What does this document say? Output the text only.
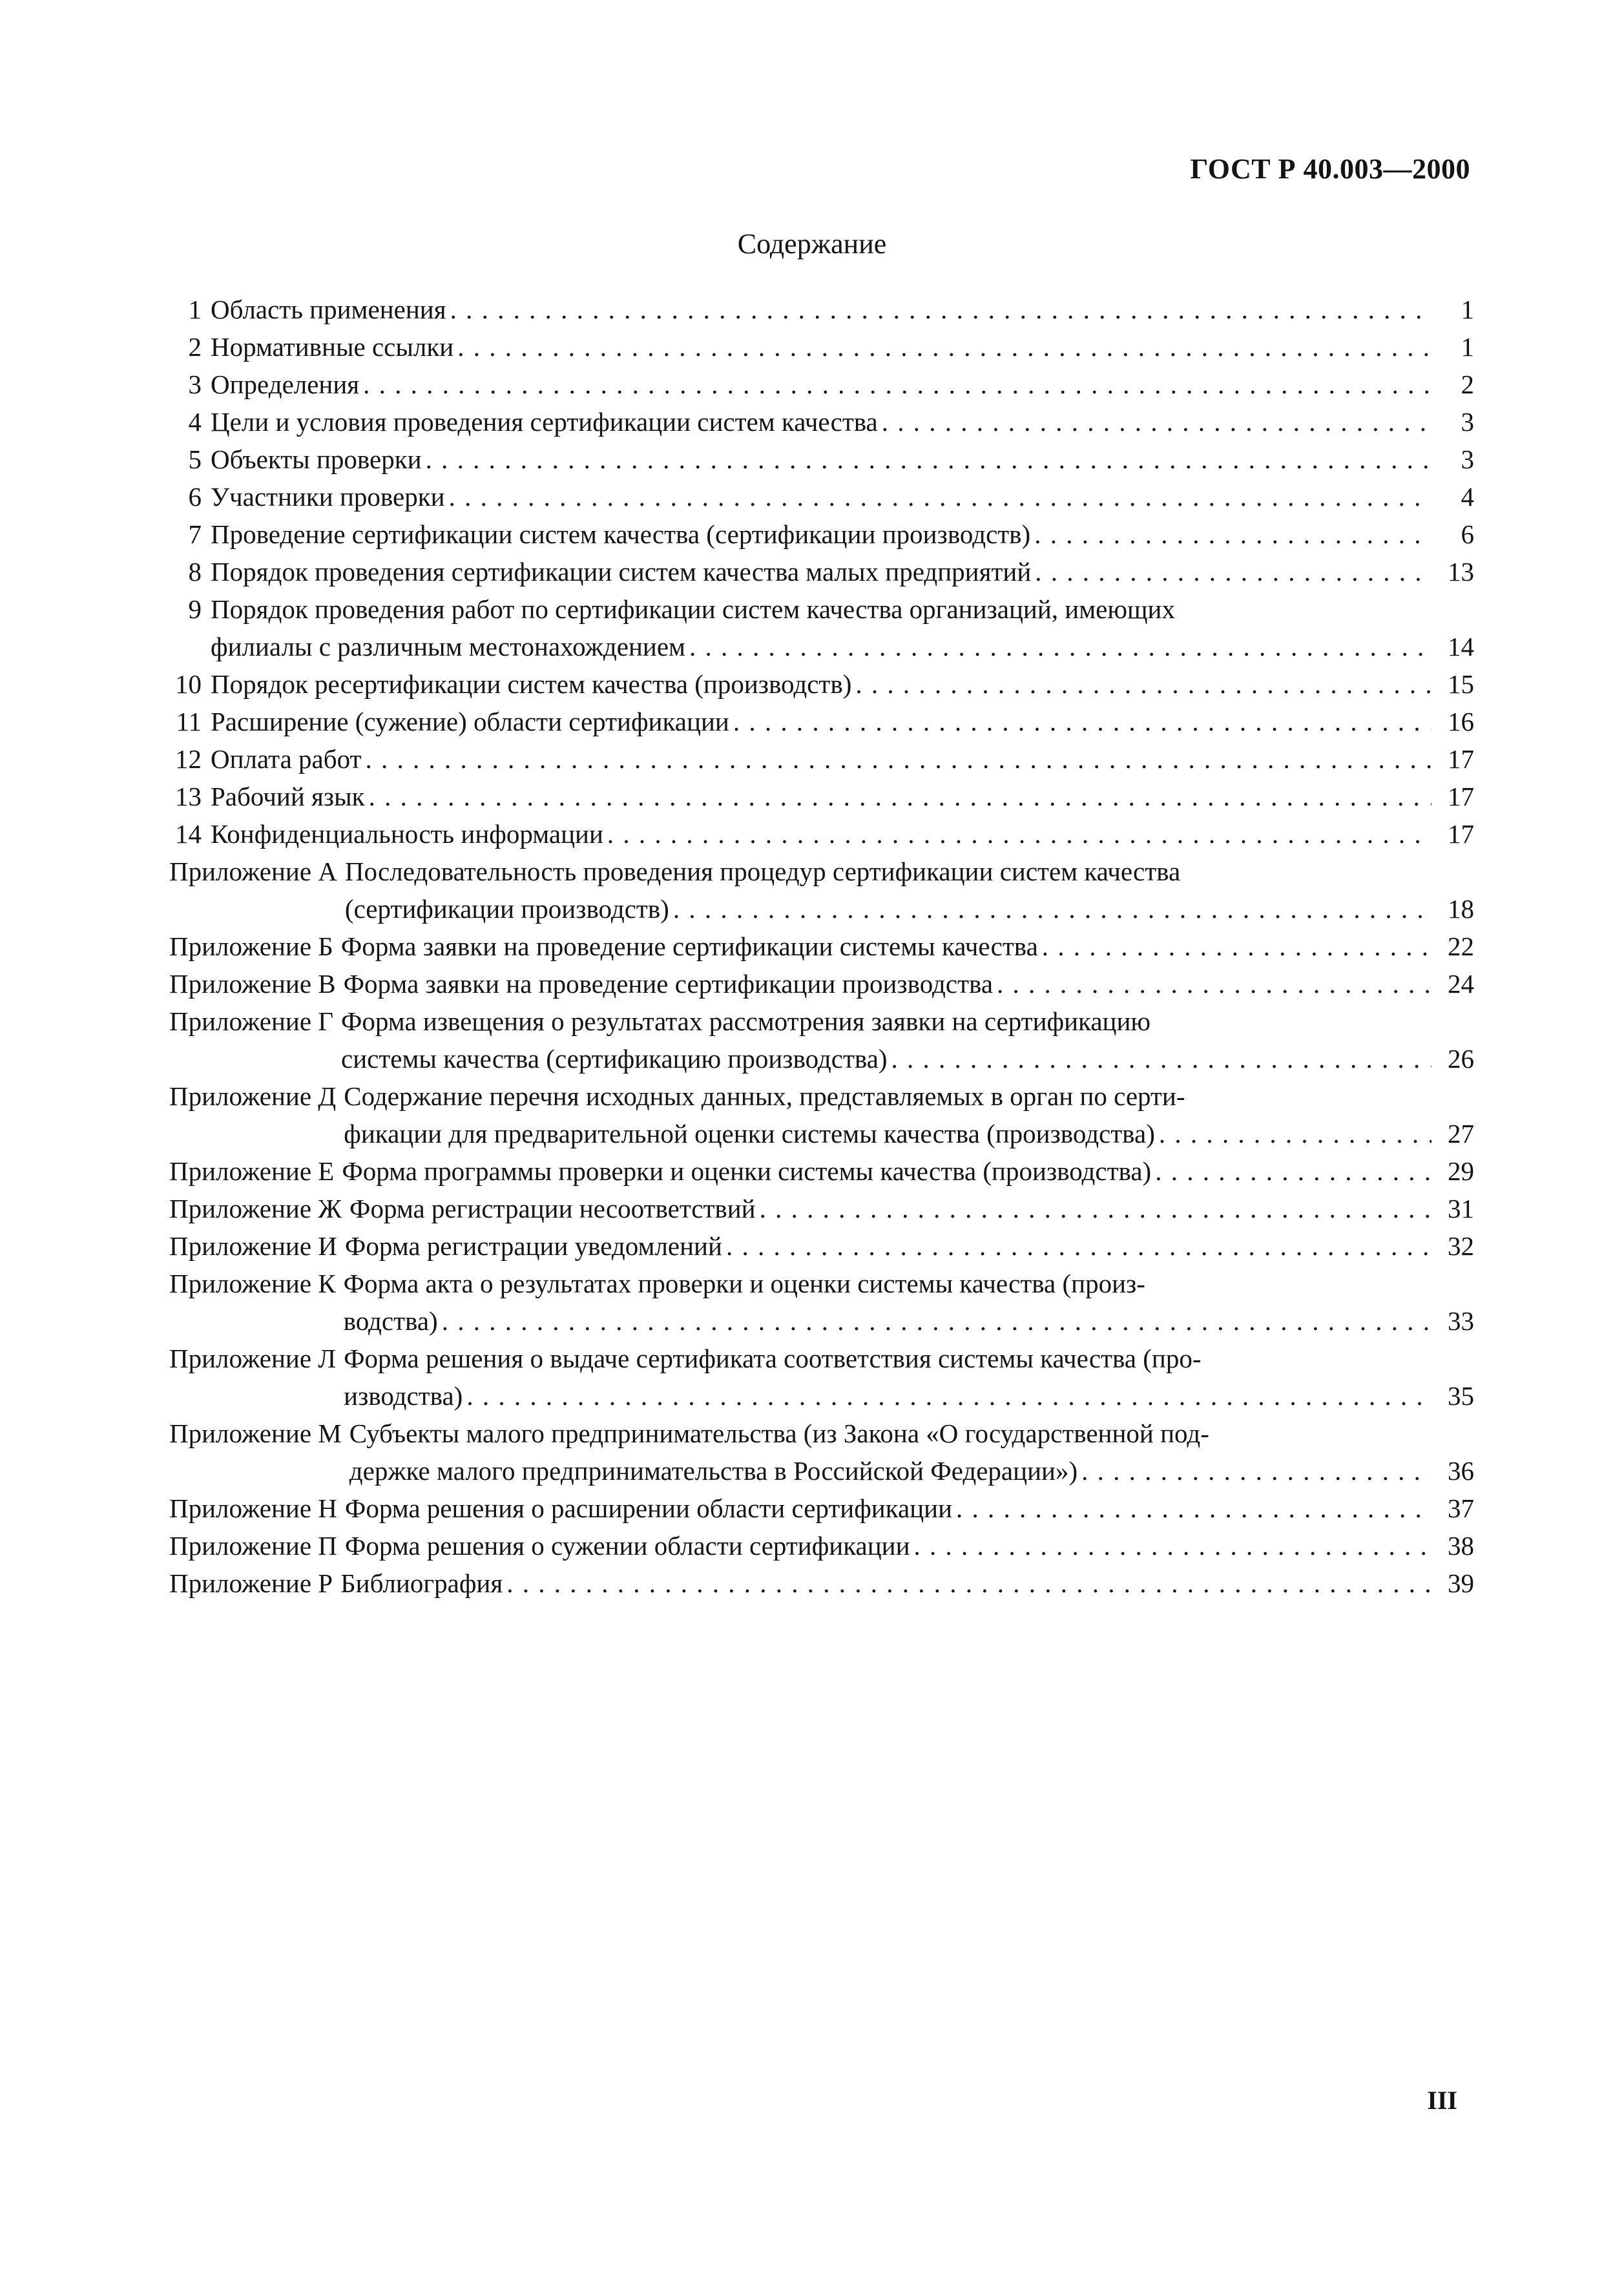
ГОСТ Р 40.003—2000
Содержание
1 Область применения . . .	1
2 Нормативные ссылки . . .	1
3 Определения . . .	2
4 Цели и условия проведения сертификации систем качества . . .	3
5 Объекты проверки . . .	3
6 Участники проверки . . .	4
7 Проведение сертификации систем качества (сертификации производств) . . .	6
8 Порядок проведения сертификации систем качества малых предприятий . . .	13
9 Порядок проведения работ по сертификации систем качества организаций, имеющих
филиалы с различным местонахождением . . .	14
10 Порядок ресертификации систем качества (производств) . . .	15
11 Расширение (сужение) области сертификации . . .	16
12 Оплата работ . . .	17
13 Рабочий язык . . .	17
14 Конфиденциальность информации . . .	17
Приложение А Последовательность проведения процедур сертификации систем качества
(сертификации производств) . . .	18
Приложение Б Форма заявки на проведение сертификации системы качества . . .	22
Приложение В Форма заявки на проведение сертификации производства . . .	24
Приложение Г Форма извещения о результатах рассмотрения заявки на сертификацию
системы качества (сертификацию производства) . . .	26
Приложение Д Содержание перечня исходных данных, представляемых в орган по серти-
фикации для предварительной оценки системы качества (производства) . . .	27
Приложение Е Форма программы проверки и оценки системы качества (производства) . . .	29
Приложение Ж Форма регистрации несоответствий . . .	31
Приложение И Форма регистрации уведомлений . . .	32
Приложение К Форма акта о результатах проверки и оценки системы качества (произ-
водства) . . .	33
Приложение Л Форма решения о выдаче сертификата соответствия системы качества (про-
изводства) . . .	35
Приложение М Субъекты малого предпринимательства (из Закона «О государственной под-
держке малого предпринимательства в Российской Федерации») . . .	36
Приложение Н Форма решения о расширении области сертификации . . .	37
Приложение П Форма решения о сужении области сертификации . . .	38
Приложение Р Библиография . . .	39
III
